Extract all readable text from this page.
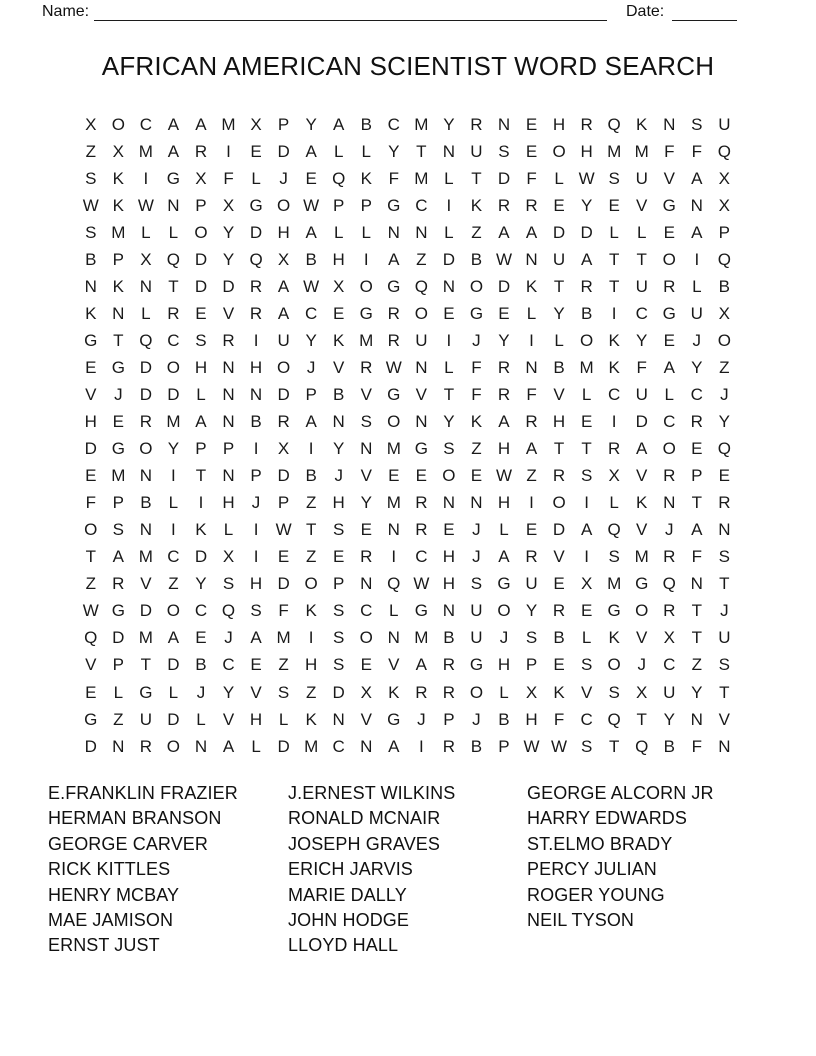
Name:	Date:
AFRICAN AMERICAN SCIENTIST WORD SEARCH
X O C A A M X P Y A B C M Y R N E H R Q K N S U
Z X M A R	I	E D A	L	L	Y T N U S E O H M M F	F Q
S K	I	G X F	L	J	E Q K F M L	T D F	L W S U V A X
W K W N P X G O W P P G C	I	K R R E Y E V G N X
S M L	L O Y D H A	L	L N N L	Z A A D D L	L	E A P
B P X Q D Y Q X B H	I	A Z D B W N U A T	T O	I	Q
N K N T D D R A W X O G Q N O D K T R T U R L	B
K N L R E V R A C E G R O E G E	L	Y B	I	C G U X
G T Q C S R	I	U Y K M R U	I	J	Y	I	L O K Y E	J O
E G D O H N H O J	V R W N L	F R N B M K F A Y Z
V	J	D D L N N D P B V G V T	F R F V	L C U L C	J
H E R M A N B R A N S O N Y K A R H E	I	D C R Y
D G O Y P P	I	X	I	Y N M G S Z H A T	T R A O E Q
E M N	I	T N P D B	J	V E E O E W Z R S X V R P E
F P B	L	I	H	J	P Z H Y M R N N H	I	O	I	L	K N T R
O S N	I	K	L	I	W T S E N R E	J	L	E D A Q V	J	A N
T A M C D X	I	E Z E R	I	C H	J	A R V	I	S M R F S
Z R V Z Y S H D O P N Q W H S G U E X M G Q N T
W G D O C Q S F K S C L G N U O Y R E G O R T	J
Q D M A E	J	A M	I	S O N M B U	J	S B	L	K V X T U
V P T D B C E Z H S E V A R G H P E S O J	C Z S
E	L G L	J	Y V S Z D X K R R O L	X K V S X U Y T
G Z U D L	V H L	K N V G J	P	J	B H F C Q T Y N V
D N R O N A	L D M C N A	I	R B P W W S T Q B F N
E.FRANKLIN FRAZIER
HERMAN BRANSON
GEORGE CARVER
RICK KITTLES
HENRY MCBAY
MAE JAMISON
ERNST JUST
J.ERNEST WILKINS
RONALD MCNAIR
JOSEPH GRAVES
ERICH JARVIS
MARIE DALLY
JOHN HODGE
LLOYD HALL
GEORGE ALCORN JR
HARRY EDWARDS
ST.ELMO BRADY
PERCY JULIAN
ROGER YOUNG
NEIL TYSON
